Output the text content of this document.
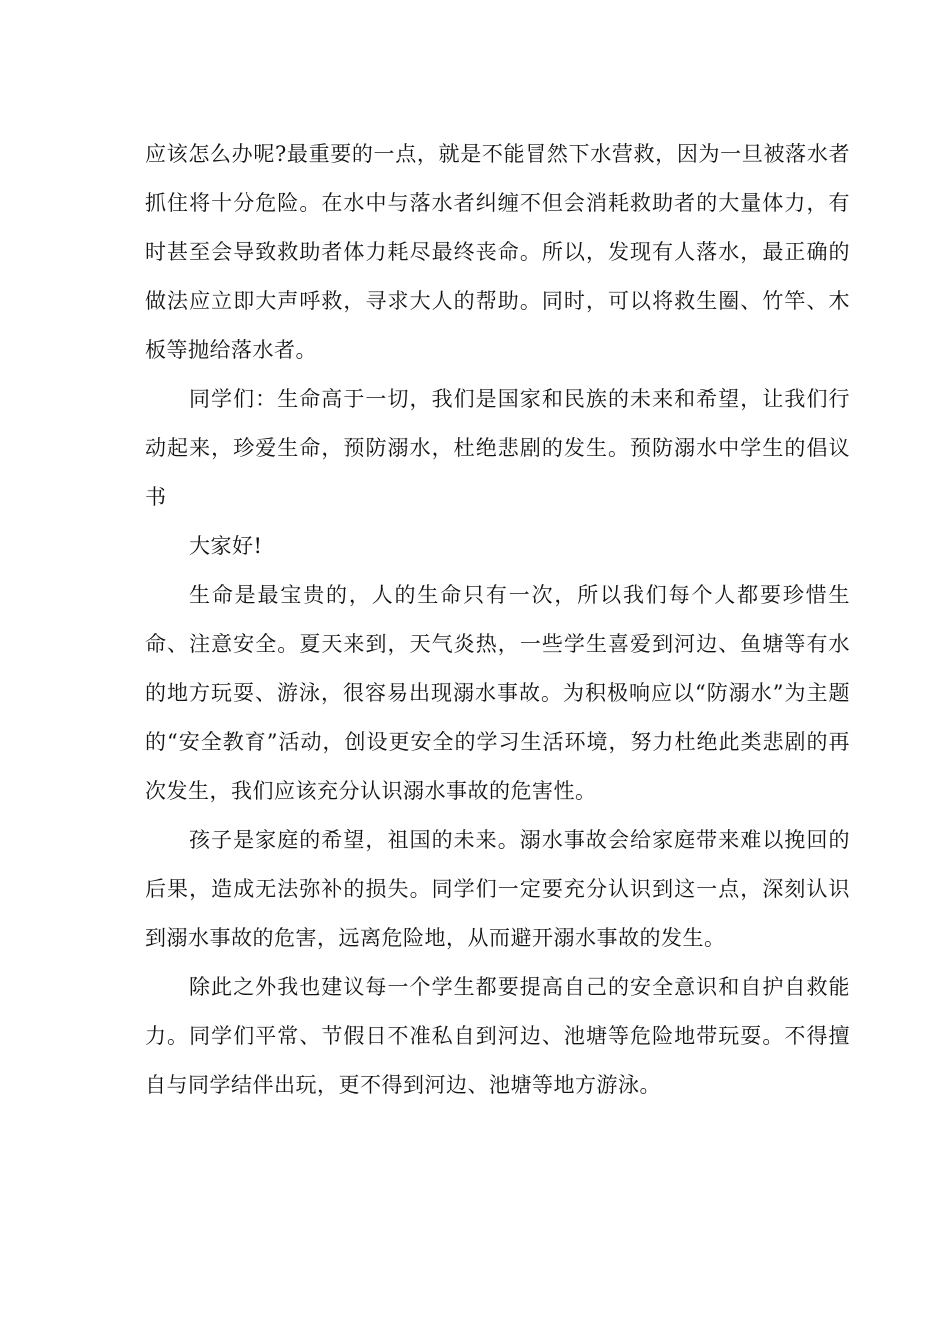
应该怎么办呢?最重要的一点，就是不能冒然下水营救，因为一旦被落水者抓住将十分危险。在水中与落水者纠缠不但会消耗救助者的大量体力，有时甚至会导致救助者体力耗尽最终丧命。所以，发现有人落水，最正确的做法应立即大声呼救，寻求大人的帮助。同时，可以将救生圈、竹竿、木板等抛给落水者。

同学们：生命高于一切，我们是国家和民族的未来和希望，让我们行动起来，珍爱生命，预防溺水，杜绝悲剧的发生。预防溺水中学生的倡议书

大家好!

生命是最宝贵的，人的生命只有一次，所以我们每个人都要珍惜生命、注意安全。夏天来到，天气炎热，一些学生喜爱到河边、鱼塘等有水的地方玩耍、游泳，很容易出现溺水事故。为积极响应以“防溺水”为主题的“安全教育”活动，创设更安全的学习生活环境，努力杜绝此类悲剧的再次发生，我们应该充分认识溺水事故的危害性。

孩子是家庭的希望，祖国的未来。溺水事故会给家庭带来难以挽回的后果，造成无法弥补的损失。同学们一定要充分认识到这一点，深刻认识到溺水事故的危害，远离危险地，从而避开溺水事故的发生。

除此之外我也建议每一个学生都要提高自己的安全意识和自护自救能力。同学们平常、节假日不准私自到河边、池塘等危险地带玩耍。不得擅自与同学结伴出玩，更不得到河边、池塘等地方游泳。
